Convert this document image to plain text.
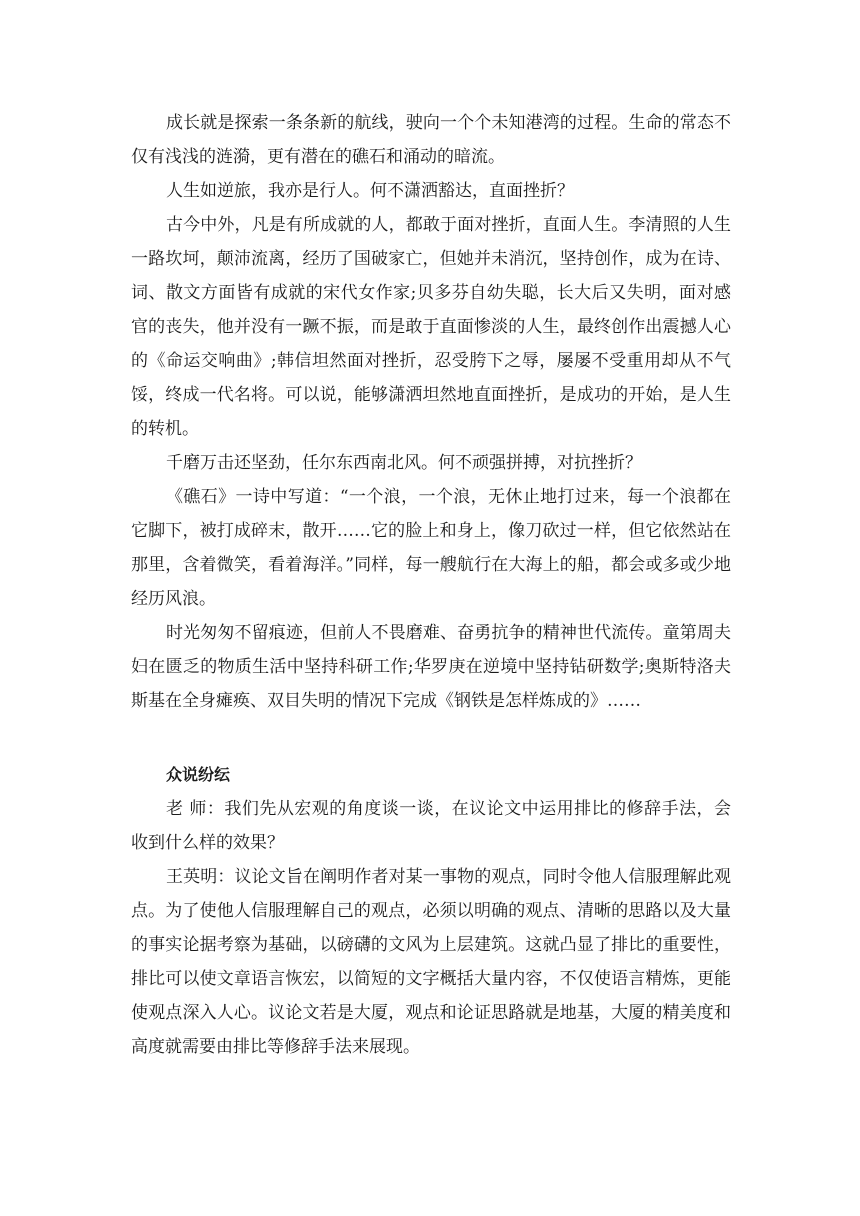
成长就是探索一条条新的航线，驶向一个个未知港湾的过程。生命的常态不仅有浅浅的涟漪，更有潜在的礁石和涌动的暗流。

人生如逆旅，我亦是行人。何不潇洒豁达，直面挫折？

古今中外，凡是有所成就的人，都敢于面对挫折，直面人生。李清照的人生一路坎坷，颠沛流离，经历了国破家亡，但她并未消沉，坚持创作，成为在诗、词、散文方面皆有成就的宋代女作家;贝多芬自幼失聪，长大后又失明，面对感官的丧失，他并没有一蹶不振，而是敢于直面惨淡的人生，最终创作出震撼人心的《命运交响曲》;韩信坦然面对挫折，忍受胯下之辱，屡屡不受重用却从不气馁，终成一代名将。可以说，能够潇洒坦然地直面挫折，是成功的开始，是人生的转机。

千磨万击还坚劲，任尔东西南北风。何不顽强拼搏，对抗挫折？

《礁石》一诗中写道：“一个浪，一个浪，无休止地打过来，每一个浪都在它脚下，被打成碎末，散开……它的脸上和身上，像刀砍过一样，但它依然站在那里，含着微笑，看着海洋。”同样，每一艘航行在大海上的船，都会或多或少地经历风浪。

时光匆匆不留痕迹，但前人不畏磨难、奋勇抗争的精神世代流传。童第周夫妇在匮乏的物质生活中坚持科研工作;华罗庚在逆境中坚持钻研数学;奥斯特洛夫斯基在全身瘫痪、双目失明的情况下完成《钢铁是怎样炼成的》……

众说纷纭

老 师：我们先从宏观的角度谈一谈，在议论文中运用排比的修辞手法，会收到什么样的效果？

王英明：议论文旨在阐明作者对某一事物的观点，同时令他人信服理解此观点。为了使他人信服理解自己的观点，必须以明确的观点、清晰的思路以及大量的事实论据考察为基础，以磅礴的文风为上层建筑。这就凸显了排比的重要性，排比可以使文章语言恢宏，以简短的文字概括大量内容，不仅使语言精炼，更能使观点深入人心。议论文若是大厦，观点和论证思路就是地基，大厦的精美度和高度就需要由排比等修辞手法来展现。
